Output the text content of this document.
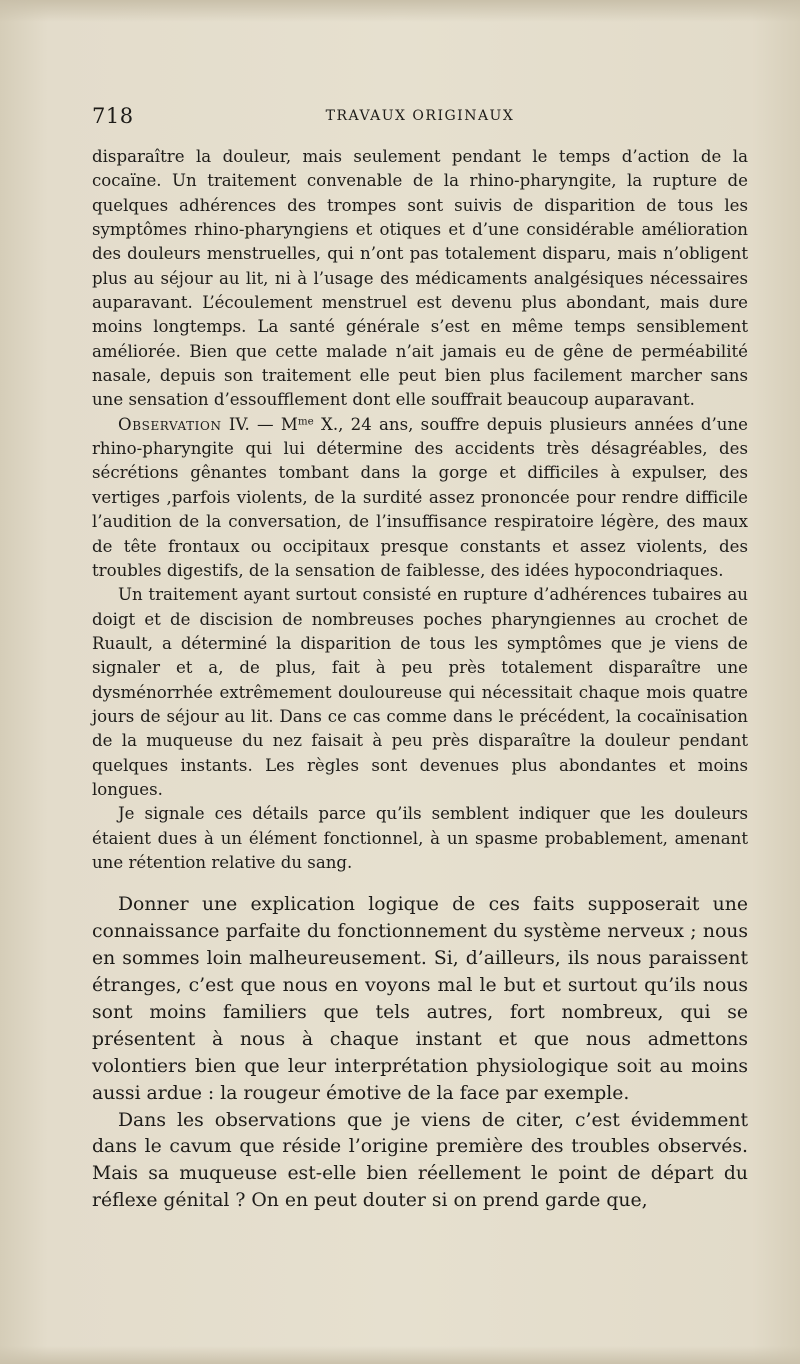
718	TRAVAUX ORIGINAUX

disparaître la douleur, mais seulement pendant le temps d’action de la cocaïne. Un traitement convenable de la rhino-pharyngite, la rupture de quelques adhérences des trompes sont suivis de disparition de tous les symptômes rhino-pharyngiens et otiques et d’une considérable amélioration des douleurs menstruelles, qui n’ont pas totalement disparu, mais n’obligent plus au séjour au lit, ni à l’usage des médicaments analgésiques nécessaires auparavant. L’écoulement menstruel est devenu plus abondant, mais dure moins longtemps. La santé générale s’est en même temps sensiblement améliorée. Bien que cette malade n’ait jamais eu de gêne de perméabilité nasale, depuis son traitement elle peut bien plus facilement marcher sans une sensation d’essoufflement dont elle souffrait beaucoup auparavant.

Observation IV. — $M^{me}$ X., 24 ans, souffre depuis plusieurs années d’une rhino-pharyngite qui lui détermine des accidents très désagréables, des sécrétions gênantes tombant dans la gorge et difficiles à expulser, des vertiges ,parfois violents, de la surdité assez prononcée pour rendre difficile l’audition de la conversation, de l’insuffisance respiratoire légère, des maux de tête frontaux ou occipitaux presque constants et assez violents, des troubles digestifs, de la sensation de faiblesse, des idées hypocondriaques.

Un traitement ayant surtout consisté en rupture d’adhérences tubaires au doigt et de discision de nombreuses poches pharyngiennes au crochet de Ruault, a déterminé la disparition de tous les symptômes que je viens de signaler et a, de plus, fait à peu près totalement disparaître une dysménorrhée extrêmement douloureuse qui nécessitait chaque mois quatre jours de séjour au lit. Dans ce cas comme dans le précédent, la cocaïnisation de la muqueuse du nez faisait à peu près disparaître la douleur pendant quelques instants. Les règles sont devenues plus abondantes et moins longues.

Je signale ces détails parce qu’ils semblent indiquer que les douleurs étaient dues à un élément fonctionnel, à un spasme probablement, amenant une rétention relative du sang.

Donner une explication logique de ces faits supposerait une connaissance parfaite du fonctionnement du système nerveux ; nous en sommes loin malheureusement. Si, d’ailleurs, ils nous paraissent étranges, c’est que nous en voyons mal le but et surtout qu’ils nous sont moins familiers que tels autres, fort nombreux, qui se présentent à nous à chaque instant et que nous admettons volontiers bien que leur interprétation physiologique soit au moins aussi ardue : la rougeur émotive de la face par exemple.

Dans les observations que je viens de citer, c’est évidemment dans le cavum que réside l’origine première des troubles observés. Mais sa muqueuse est-elle bien réellement le point de départ du réflexe génital ? On en peut douter si on prend garde que,
